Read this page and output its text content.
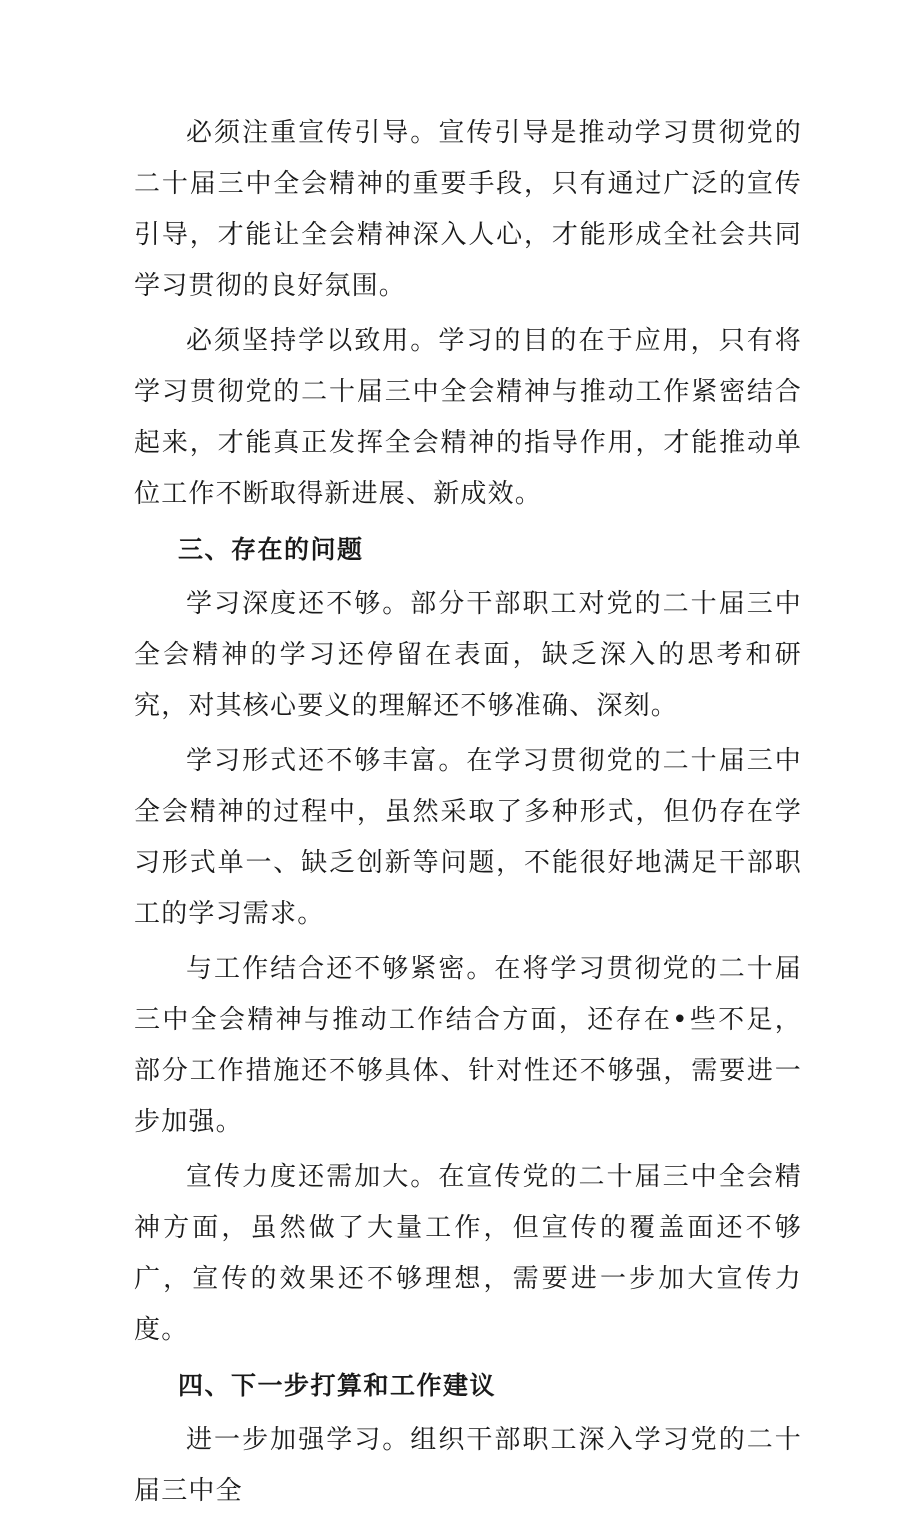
必须注重宣传引导。宣传引导是推动学习贯彻党的二十届三中全会精神的重要手段，只有通过广泛的宣传引导，才能让全会精神深入人心，才能形成全社会共同学习贯彻的良好氛围。

必须坚持学以致用。学习的目的在于应用，只有将学习贯彻党的二十届三中全会精神与推动工作紧密结合起来，才能真正发挥全会精神的指导作用，才能推动单位工作不断取得新进展、新成效。

三、存在的问题

学习深度还不够。部分干部职工对党的二十届三中全会精神的学习还停留在表面，缺乏深入的思考和研究，对其核心要义的理解还不够准确、深刻。

学习形式还不够丰富。在学习贯彻党的二十届三中全会精神的过程中，虽然采取了多种形式，但仍存在学习形式单一、缺乏创新等问题，不能很好地满足干部职工的学习需求。

与工作结合还不够紧密。在将学习贯彻党的二十届三中全会精神与推动工作结合方面，还存在•些不足，部分工作措施还不够具体、针对性还不够强，需要进一步加强。

宣传力度还需加大。在宣传党的二十届三中全会精神方面，虽然做了大量工作，但宣传的覆盖面还不够广，宣传的效果还不够理想，需要进一步加大宣传力度。

四、下一步打算和工作建议

进一步加强学习。组织干部职工深入学习党的二十届三中全
